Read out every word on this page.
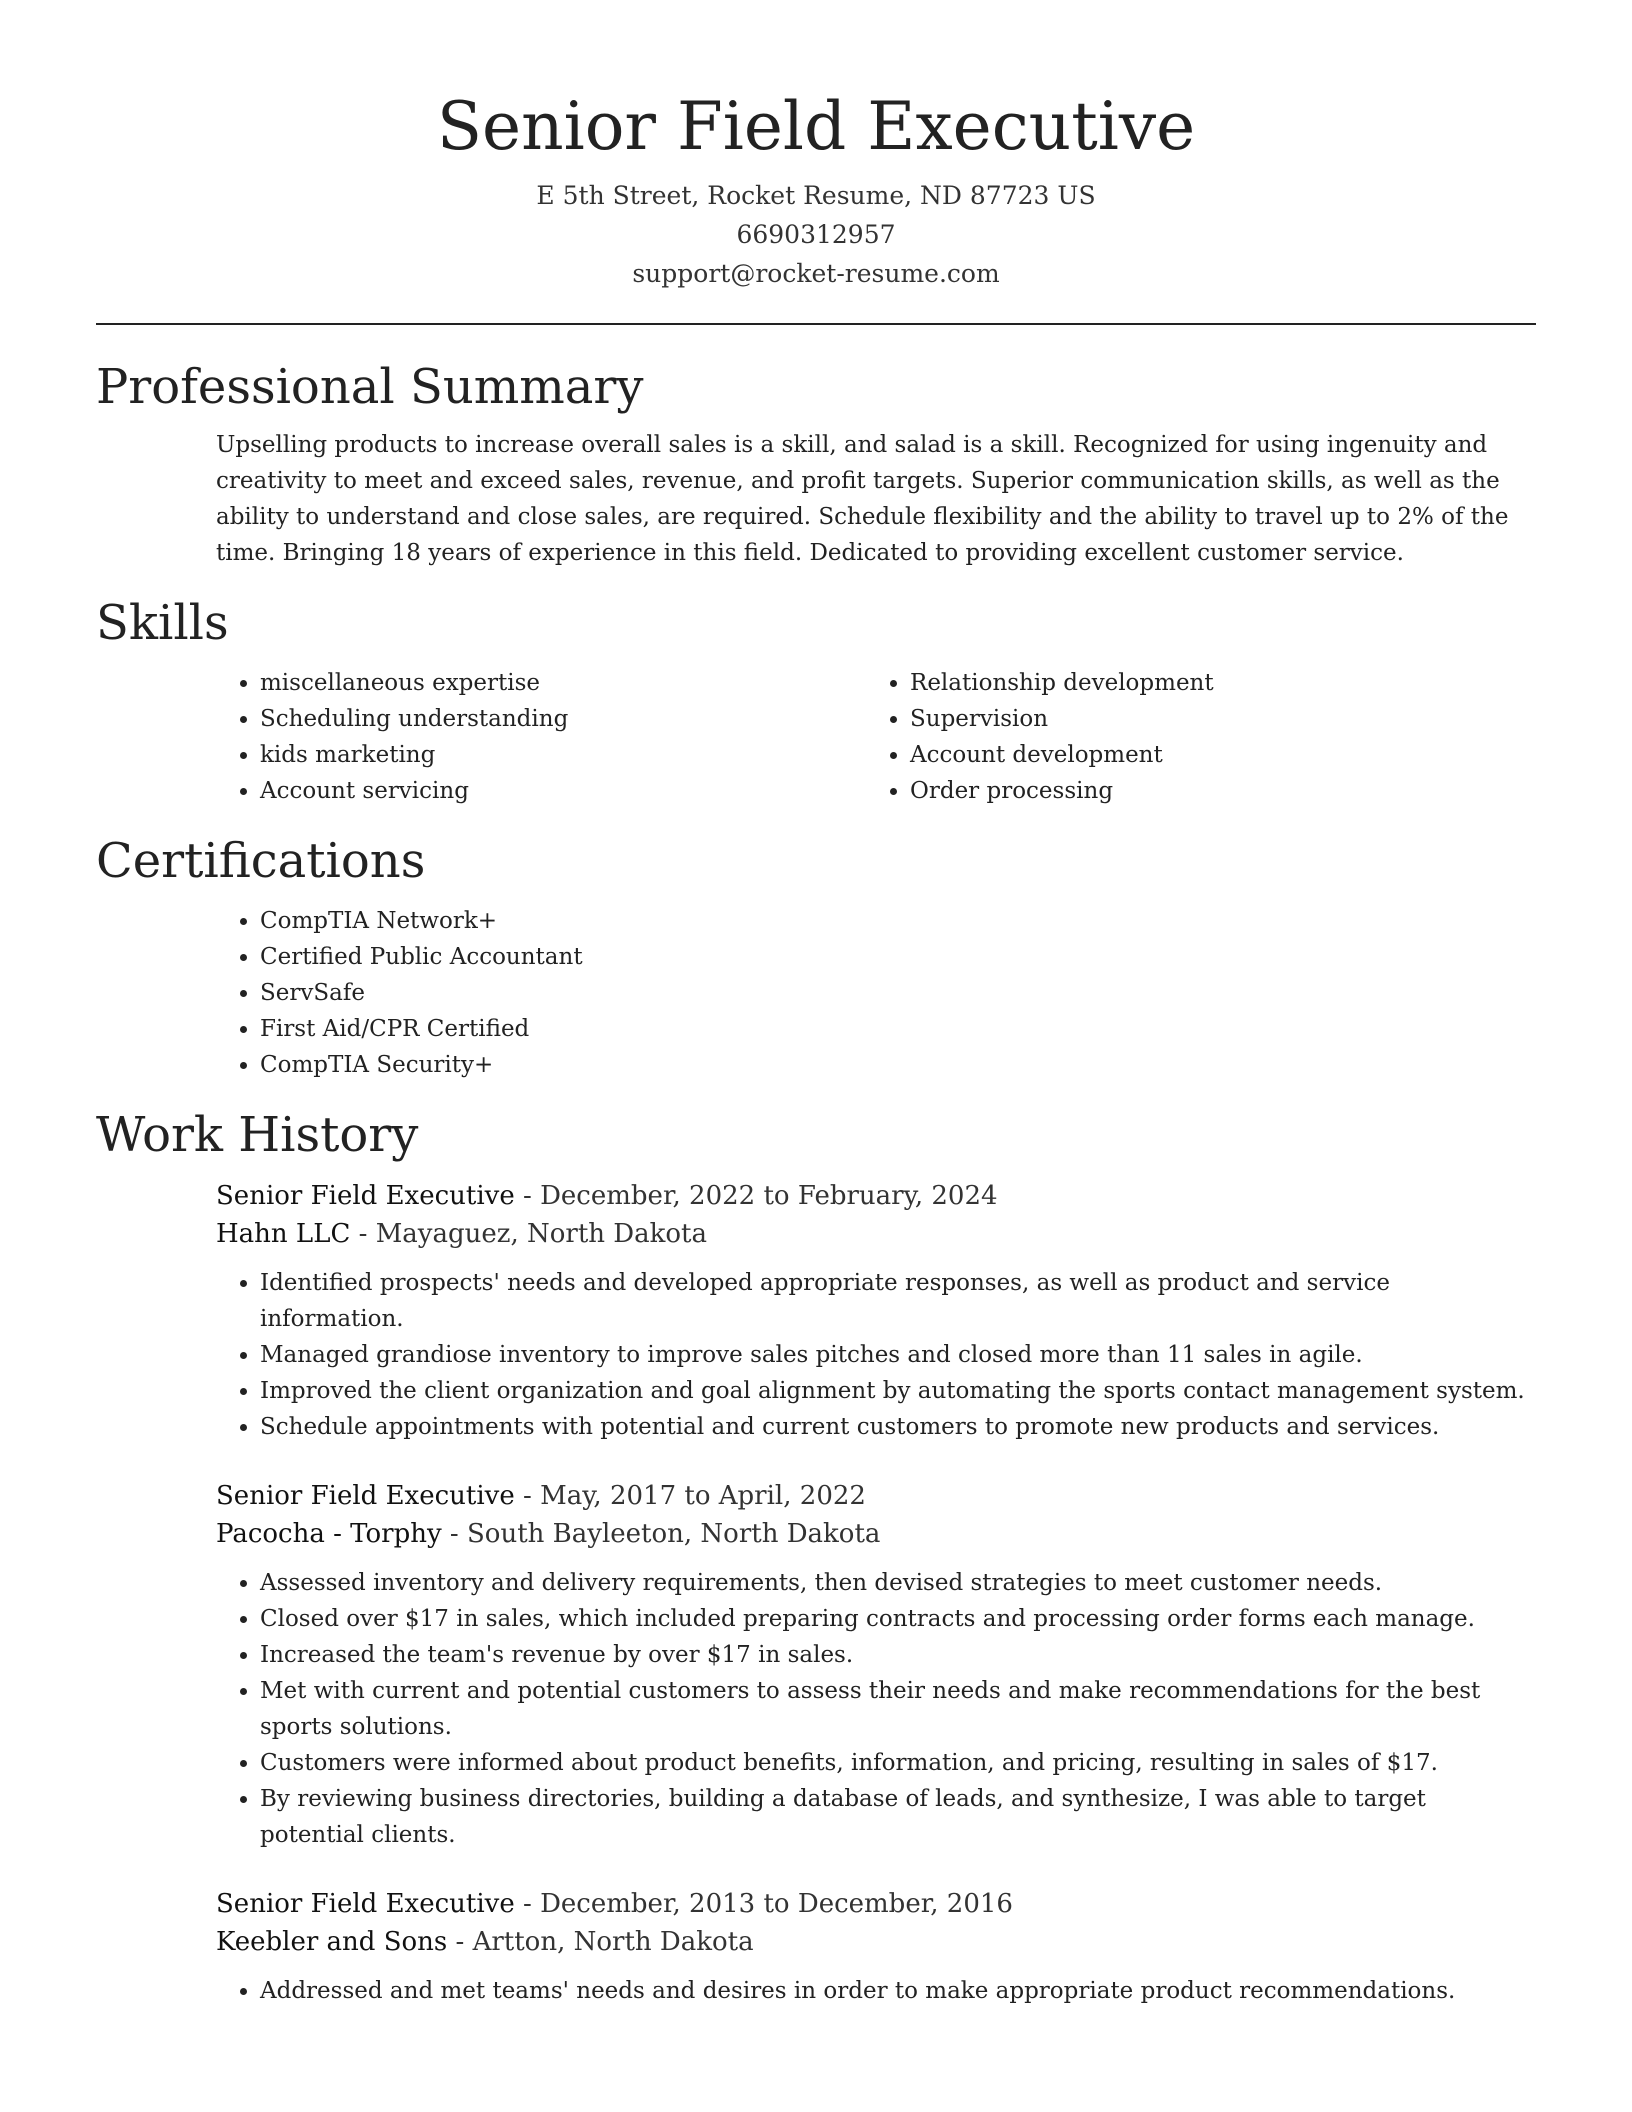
Senior Field Executive
E 5th Street, Rocket Resume, ND 87723 US
6690312957
support@rocket-resume.com
Professional Summary

Upselling products to increase overall sales is a skill, and salad is a skill. Recognized for using ingenuity and creativity to meet and exceed sales, revenue, and profit targets. Superior communication skills, as well as the ability to understand and close sales, are required. Schedule flexibility and the ability to travel up to 2% of the time. Bringing 18 years of experience in this field. Dedicated to providing excellent customer service.

Skills
• miscellaneous expertise
• Scheduling understanding
• kids marketing
• Account servicing
• Relationship development
• Supervision
• Account development
• Order processing
Certifications
• CompTIA Network+
• Certified Public Accountant
• ServSafe
• First Aid/CPR Certified
• CompTIA Security+
Work History
Senior Field Executive - December, 2022 to February, 2024
Hahn LLC - Mayaguez, North Dakota
• Identified prospects' needs and developed appropriate responses, as well as product and service information.
• Managed grandiose inventory to improve sales pitches and closed more than 11 sales in agile.
• Improved the client organization and goal alignment by automating the sports contact management system.
• Schedule appointments with potential and current customers to promote new products and services.
Senior Field Executive - May, 2017 to April, 2022
Pacocha - Torphy - South Bayleeton, North Dakota
• Assessed inventory and delivery requirements, then devised strategies to meet customer needs.
• Closed over $17 in sales, which included preparing contracts and processing order forms each manage.
• Increased the team's revenue by over $17 in sales.
• Met with current and potential customers to assess their needs and make recommendations for the best sports solutions.
• Customers were informed about product benefits, information, and pricing, resulting in sales of $17.
• By reviewing business directories, building a database of leads, and synthesize, I was able to target potential clients.
Senior Field Executive - December, 2013 to December, 2016
Keebler and Sons - Artton, North Dakota
• Addressed and met teams' needs and desires in order to make appropriate product recommendations.
